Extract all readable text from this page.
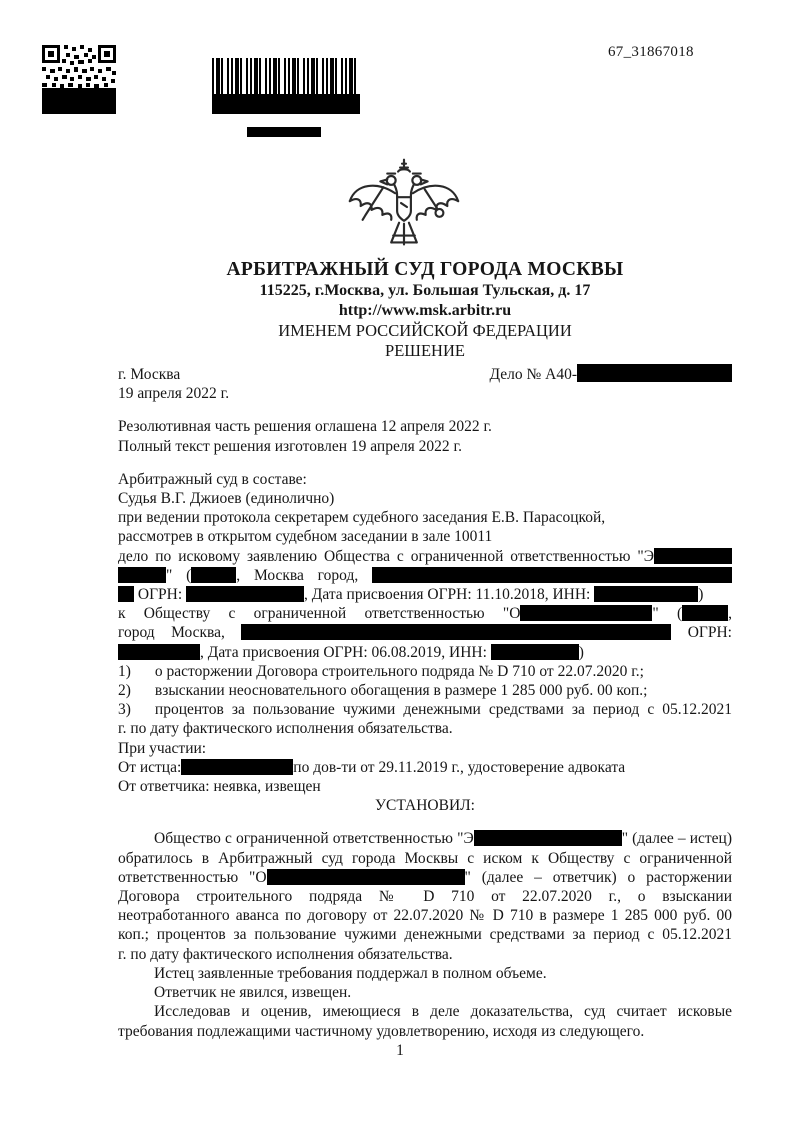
67_31867018
АРБИТРАЖНЫЙ СУД ГОРОДА МОСКВЫ
115225, г.Москва, ул. Большая Тульская, д. 17
http://www.msk.arbitr.ru
ИМЕНЕМ РОССИЙСКОЙ ФЕДЕРАЦИИ
РЕШЕНИЕ
г. Москва	Дело № А40-
19 апреля 2022 г.

Резолютивная часть решения оглашена 12 апреля 2022 г.
Полный текст решения изготовлен 19 апреля 2022 г.

Арбитражный суд в составе:
Судья В.Г. Джиоев (единолично)
при ведении протокола секретарем судебного заседания Е.В. Парасоцкой,
рассмотрев в открытом судебном заседании в зале 10011
дело по исковому заявлению Общества с ограниченной ответственностью "Э
" (	, Москва город,
ОГРН:	, Дата присвоения ОГРН: 11.10.2018, ИНН:	)
к Обществу с ограниченной ответственностью "О	" (	,
город Москва,	ОГРН:
, Дата присвоения ОГРН: 06.08.2019, ИНН:	)
1) о расторжении Договора строительного подряда № D 710 от 22.07.2020 г.;
2) взыскании неосновательного обогащения в размере 1 285 000 руб. 00 коп.;
3) процентов за пользование чужими денежными средствами за период с 05.12.2021
г. по дату фактического исполнения обязательства.
При участии:
От истца:	по дов-ти от 29.11.2019 г., удостоверение адвоката
От ответчика: неявка, извещен
УСТАНОВИЛ:

Общество с ограниченной ответственностью "Э	" (далее – истец)
обратилось в Арбитражный суд города Москвы с иском к Обществу с ограниченной
ответственностью "О	" (далее – ответчик) о расторжении
Договора строительного подряда № D 710 от 22.07.2020 г., о взыскании
неотработанного аванса по договору от 22.07.2020 № D 710 в размере 1 285 000 руб. 00
коп.; процентов за пользование чужими денежными средствами за период с 05.12.2021
г. по дату фактического исполнения обязательства.
Истец заявленные требования поддержал в полном объеме.
Ответчик не явился, извещен.
Исследовав и оценив, имеющиеся в деле доказательства, суд считает исковые
требования подлежащими частичному удовлетворению, исходя из следующего.
1
